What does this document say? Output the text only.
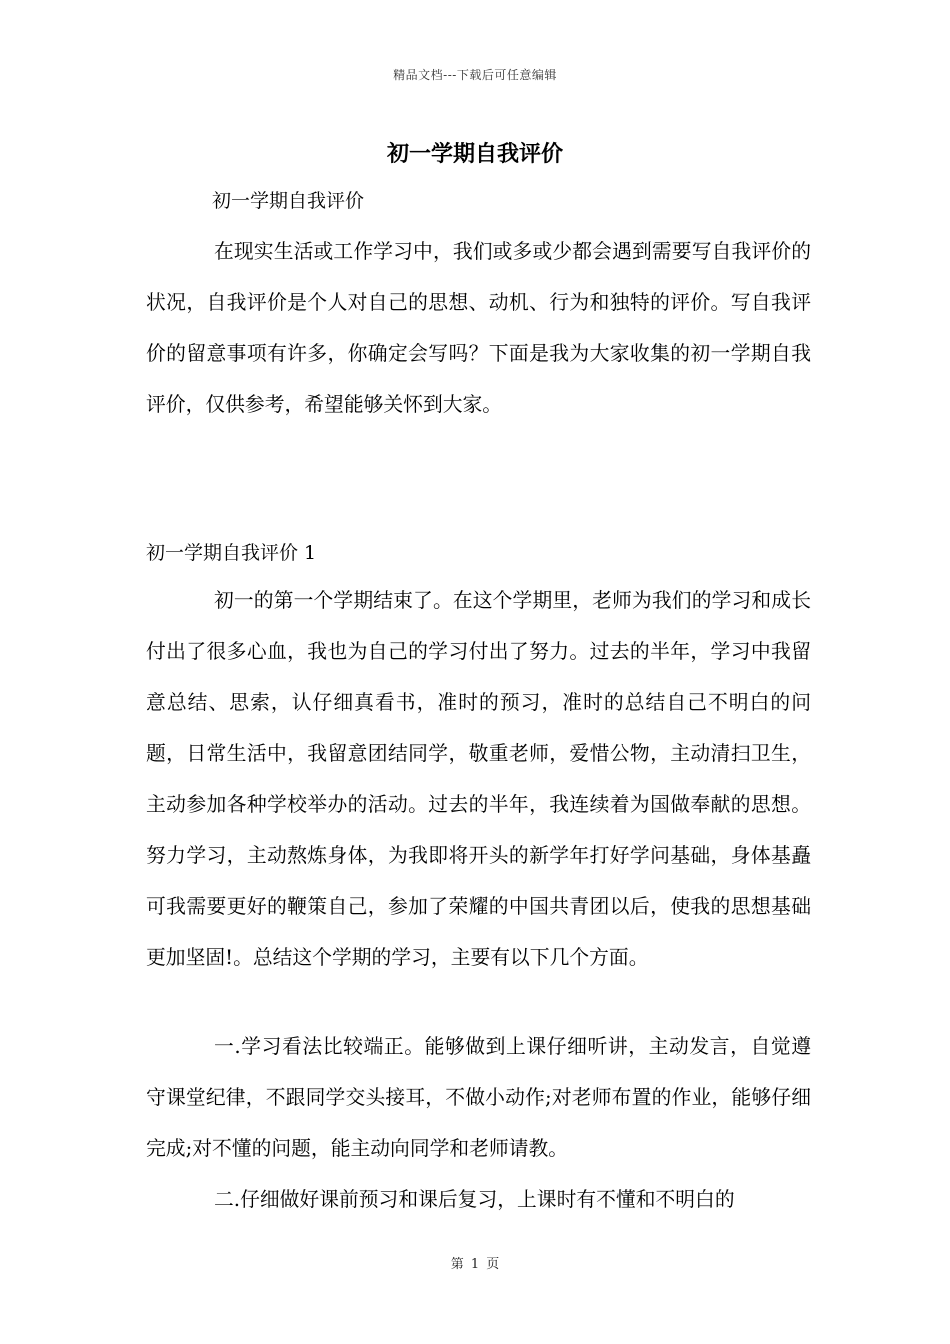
精品文档---下载后可任意编辑
初一学期自我评价
初一学期自我评价

在现实生活或工作学习中，我们或多或少都会遇到需要写自我评价的状况，自我评价是个人对自己的思想、动机、行为和独特的评价。写自我评价的留意事项有许多，你确定会写吗？下面是我为大家收集的初一学期自我评价，仅供参考，希望能够关怀到大家。

初一学期自我评价 1

初一的第一个学期结束了。在这个学期里，老师为我们的学习和成长付出了很多心血，我也为自己的学习付出了努力。过去的半年，学习中我留意总结、思索，认仔细真看书，准时的预习，准时的总结自己不明白的问题，日常生活中，我留意团结同学，敬重老师，爱惜公物，主动清扫卫生，主动参加各种学校举办的活动。过去的半年，我连续着为国做奉献的思想。努力学习，主动熬炼身体，为我即将开头的新学年打好学问基础，身体基矗可我需要更好的鞭策自己，参加了荣耀的中国共青团以后，使我的思想基础更加坚固!。总结这个学期的学习，主要有以下几个方面。

一.学习看法比较端正。能够做到上课仔细听讲，主动发言，自觉遵守课堂纪律，不跟同学交头接耳，不做小动作;对老师布置的作业，能够仔细完成;对不懂的问题，能主动向同学和老师请教。

二.仔细做好课前预习和课后复习，上课时有不懂和不明白的

第 1 页
